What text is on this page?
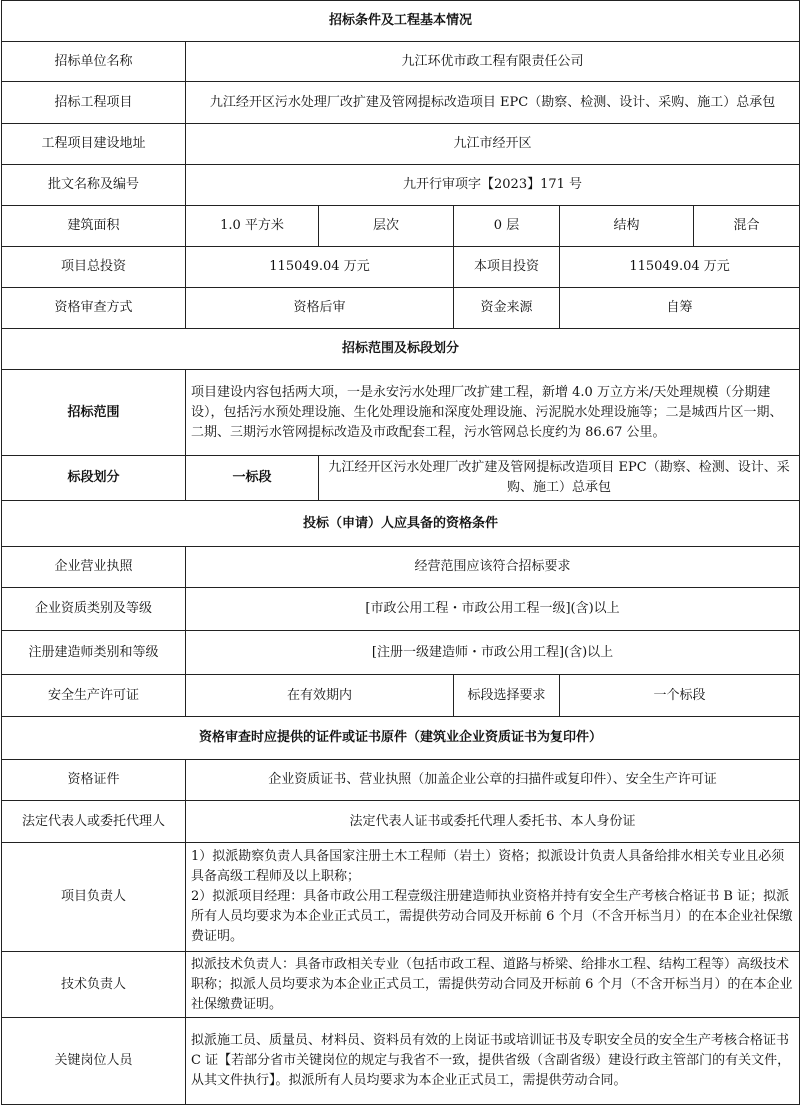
招标条件及工程基本情况					
招标单位名称	九江环优市政工程有限责任公司				
招标工程项目	九江经开区污水处理厂改扩建及管网提标改造项目 EPC（勘察、检测、设计、采购、施工）总承包				
工程项目建设地址	九江市经开区				
批文名称及编号	九开行审项字【2023】171 号				
建筑面积	1.0 平方米	层次	0 层	结构	混合
项目总投资	115049.04 万元		本项目投资	115049.04 万元	
资格审查方式	资格后审		资金来源	自筹	
招标范围及标段划分					
招标范围	项目建设内容包括两大项，一是永安污水处理厂改扩建工程，新增 4.0 万立方米/天处理规模（分期建设），包括污水预处理设施、生化处理设施和深度处理设施、污泥脱水处理设施等；二是城西片区一期、二期、三期污水管网提标改造及市政配套工程，污水管网总长度约为 86.67 公里。				
标段划分	一标段	九江经开区污水处理厂改扩建及管网提标改造项目 EPC（勘察、检测、设计、采购、施工）总承包			
投标（申请）人应具备的资格条件					
企业营业执照	经营范围应该符合招标要求				
企业资质类别及等级	[市政公用工程・市政公用工程一级](含)以上				
注册建造师类别和等级	[注册一级建造师・市政公用工程](含)以上				
安全生产许可证	在有效期内		标段选择要求	一个标段	
资格审查时应提供的证件或证书原件（建筑业企业资质证书为复印件）					
资格证件	企业资质证书、营业执照（加盖企业公章的扫描件或复印件）、安全生产许可证				
法定代表人或委托代理人	法定代表人证书或委托代理人委托书、本人身份证				
项目负责人	1）拟派勘察负责人具备国家注册土木工程师（岩土）资格；拟派设计负责人具备给排水相关专业且必须具备高级工程师及以上职称；
2）拟派项目经理：具备市政公用工程壹级注册建造师执业资格并持有安全生产考核合格证书 B 证；拟派所有人员均要求为本企业正式员工，需提供劳动合同及开标前 6 个月（不含开标当月）的在本企业社保缴费证明。				

技术负责人	拟派技术负责人：具备市政相关专业（包括市政工程、道路与桥梁、给排水工程、结构工程等）高级技术职称；拟派人员均要求为本企业正式员工，需提供劳动合同及开标前 6 个月（不含开标当月）的在本企业社保缴费证明。				
关键岗位人员	拟派施工员、质量员、材料员、资料员有效的上岗证书或培训证书及专职安全员的安全生产考核合格证书 C 证【若部分省市关键岗位的规定与我省不一致，提供省级（含副省级）建设行政主管部门的有关文件，从其文件执行】。拟派所有人员均要求为本企业正式员工，需提供劳动合同。				
